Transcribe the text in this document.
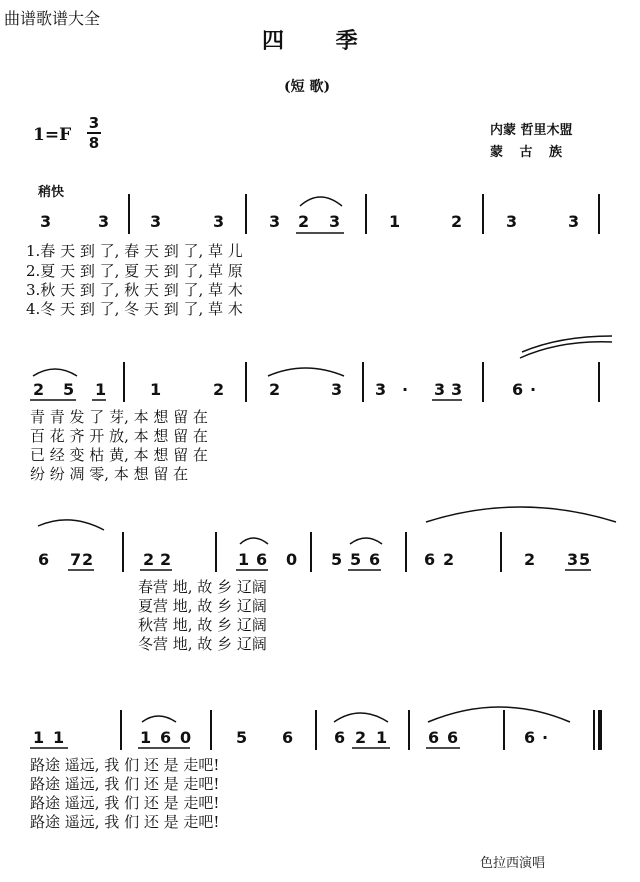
曲谱歌谱大全
四 季
(短 歌)
$1=F \frac{3}{8}$	内蒙 哲里木盟
蒙 古 族
稍快
3	3	3	3	3 2 3	1	2	3	3
1.春 天 到 了, 春 天 到 了, 草 儿
2.夏 天 到 了, 夏 天 到 了, 草 原
3.秋 天 到 了, 秋 天 到 了, 草 木
4.冬 天 到 了, 冬 天 到 了, 草 木
2 5 1	1	2	2	3 3 · 3 3	6 ·
青 青 发 了 芽, 本 想 留 在
百 花 齐 开 放, 本 想 留 在
已 经 变 枯 黄, 本 想 留 在
纷 纷 凋 零, 本 想 留 在
6 7 2	2 2	1 6 0 5 5 6	6 2	2 3 5
春营 地, 故 乡 辽阔
夏营 地, 故 乡 辽阔
秋营 地, 故 乡 辽阔
冬营 地, 故 乡 辽阔
1 1	1 6 0	5 6	6 2 1	6 6	6 ·
路途 遥远, 我 们 还 是 走吧!
路途 遥远, 我 们 还 是 走吧!
路途 遥远, 我 们 还 是 走吧!
路途 遥远, 我 们 还 是 走吧!
色拉西演唱
